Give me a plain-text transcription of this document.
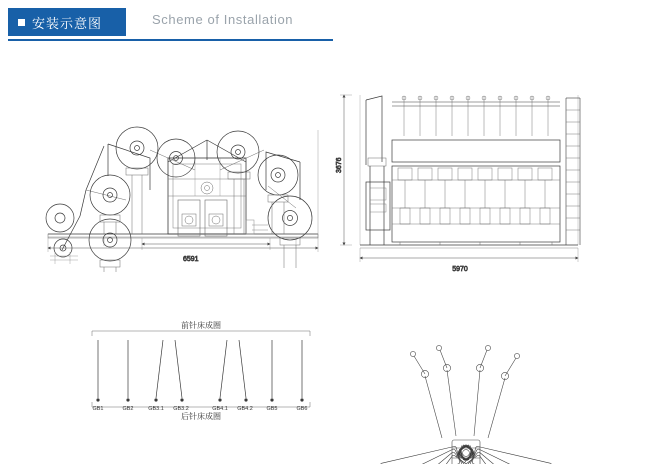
安装示意图	Scheme of Installation
6591
3676
5970
前针床成圈
后针床成圈
GB1	GB2	GB3.1 GB3.2	GB4.1 GB4.2 GB5	GB6
